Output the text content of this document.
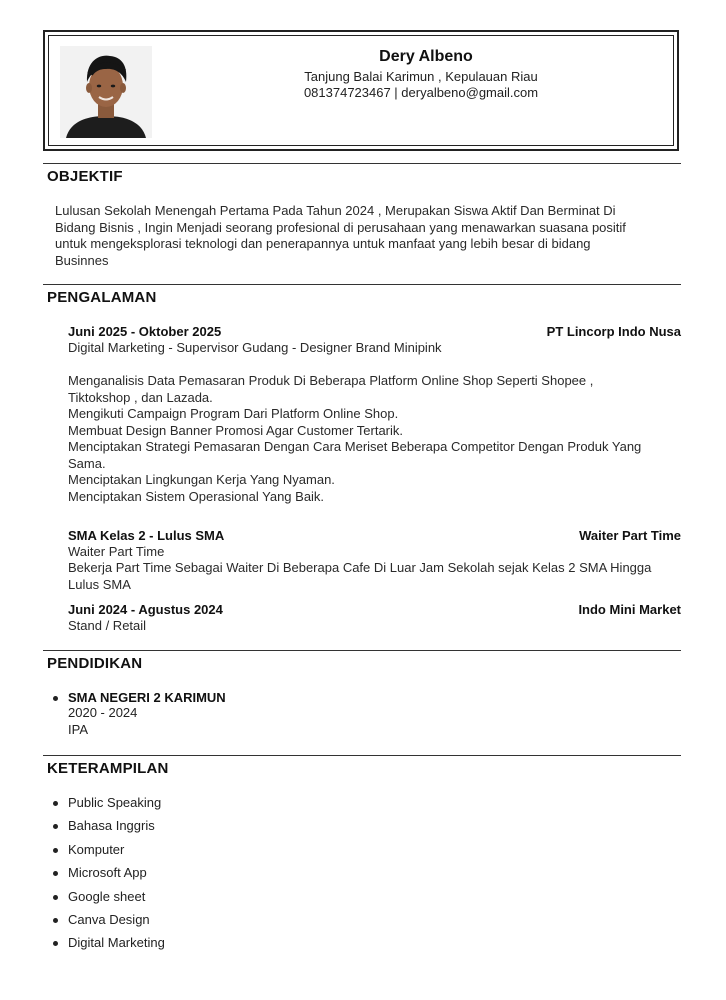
Dery Albeno
Tanjung Balai Karimun , Kepulauan Riau
081374723467 | deryalbeno@gmail.com
OBJEKTIF
Lulusan Sekolah Menengah Pertama Pada Tahun 2024 , Merupakan Siswa Aktif Dan Berminat Di
Bidang Bisnis , Ingin Menjadi seorang profesional di perusahaan yang menawarkan suasana positif
untuk mengeksplorasi teknologi dan penerapannya untuk manfaat yang lebih besar di bidang
Businnes
PENGALAMAN
Juni 2025 - Oktober 2025	PT Lincorp Indo Nusa
Digital Marketing - Supervisor Gudang - Designer Brand Minipink
Menganalisis Data Pemasaran Produk Di Beberapa Platform Online Shop Seperti Shopee ,
Tiktokshop , dan Lazada.
Mengikuti Campaign Program Dari Platform Online Shop.
Membuat Design Banner Promosi Agar Customer Tertarik.
Menciptakan Strategi Pemasaran Dengan Cara Meriset Beberapa Competitor Dengan Produk Yang
Sama.
Menciptakan Lingkungan Kerja Yang Nyaman.
Menciptakan Sistem Operasional Yang Baik.
SMA Kelas 2 - Lulus SMA	Waiter Part Time
Waiter Part Time
Bekerja Part Time Sebagai Waiter Di Beberapa Cafe Di Luar Jam Sekolah sejak Kelas 2 SMA Hingga
Lulus SMA
Juni 2024 - Agustus 2024	Indo Mini Market
Stand / Retail
PENDIDIKAN
SMA NEGERI 2 KARIMUN
2020 - 2024
IPA
KETERAMPILAN
Public Speaking
Bahasa Inggris
Komputer
Microsoft App
Google sheet
Canva Design
Digital Marketing
